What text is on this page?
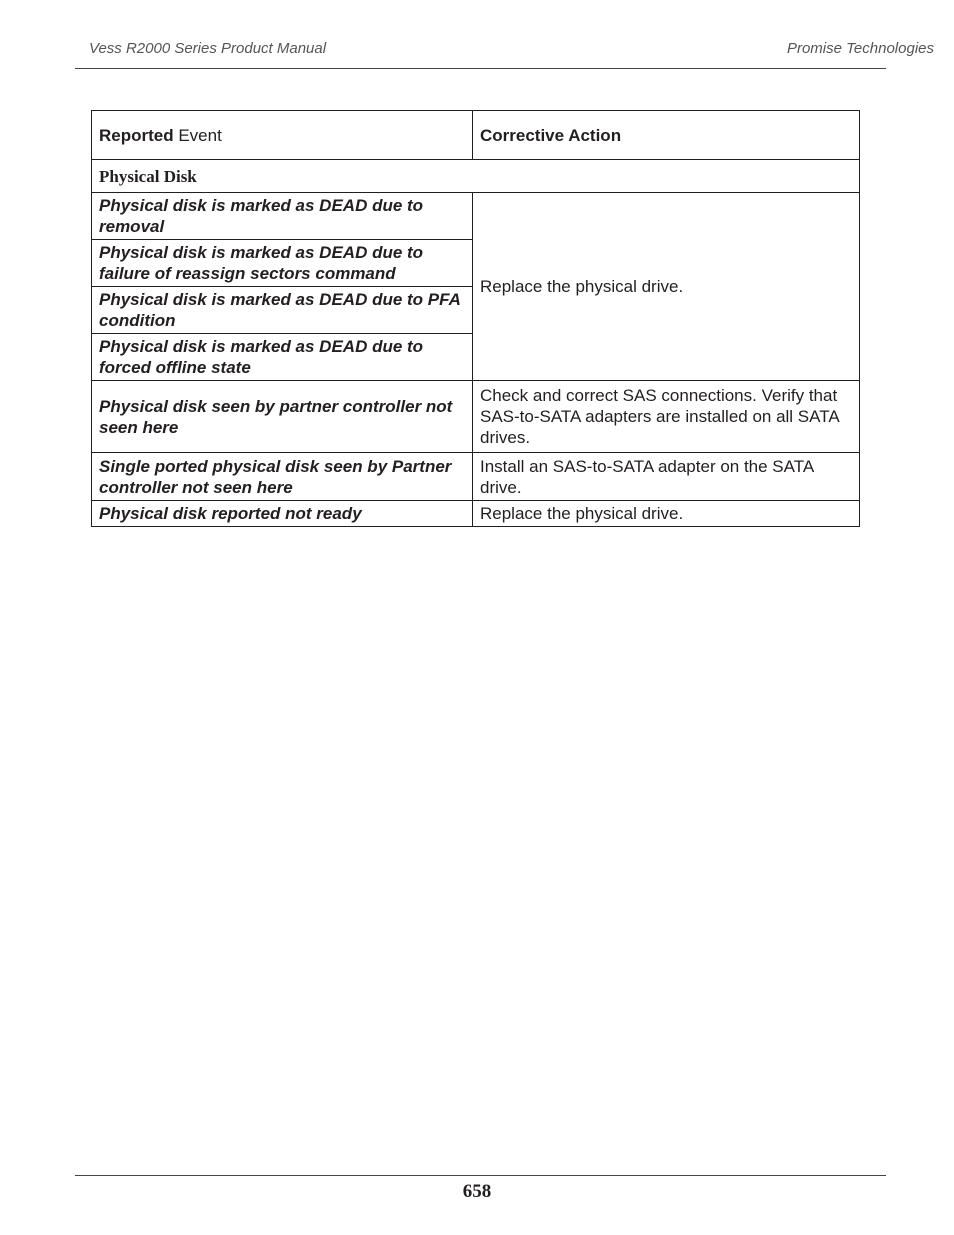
Vess R2000 Series Product Manual	Promise Technologies
Reported Event	Corrective Action
Physical Disk	
Physical disk is marked as DEAD due to removal	Replace the physical drive.
Physical disk is marked as DEAD due to failure of reassign sectors command	
Physical disk is marked as DEAD due to PFA condition	
Physical disk is marked as DEAD due to forced offline state	
Physical disk seen by partner controller not seen here	Check and correct SAS connections. Verify that SAS-to-SATA adapters are installed on all SATA drives.
Single ported physical disk seen by Partner controller not seen here	Install an SAS-to-SATA adapter on the SATA drive.
Physical disk reported not ready	Replace the physical drive.
658
